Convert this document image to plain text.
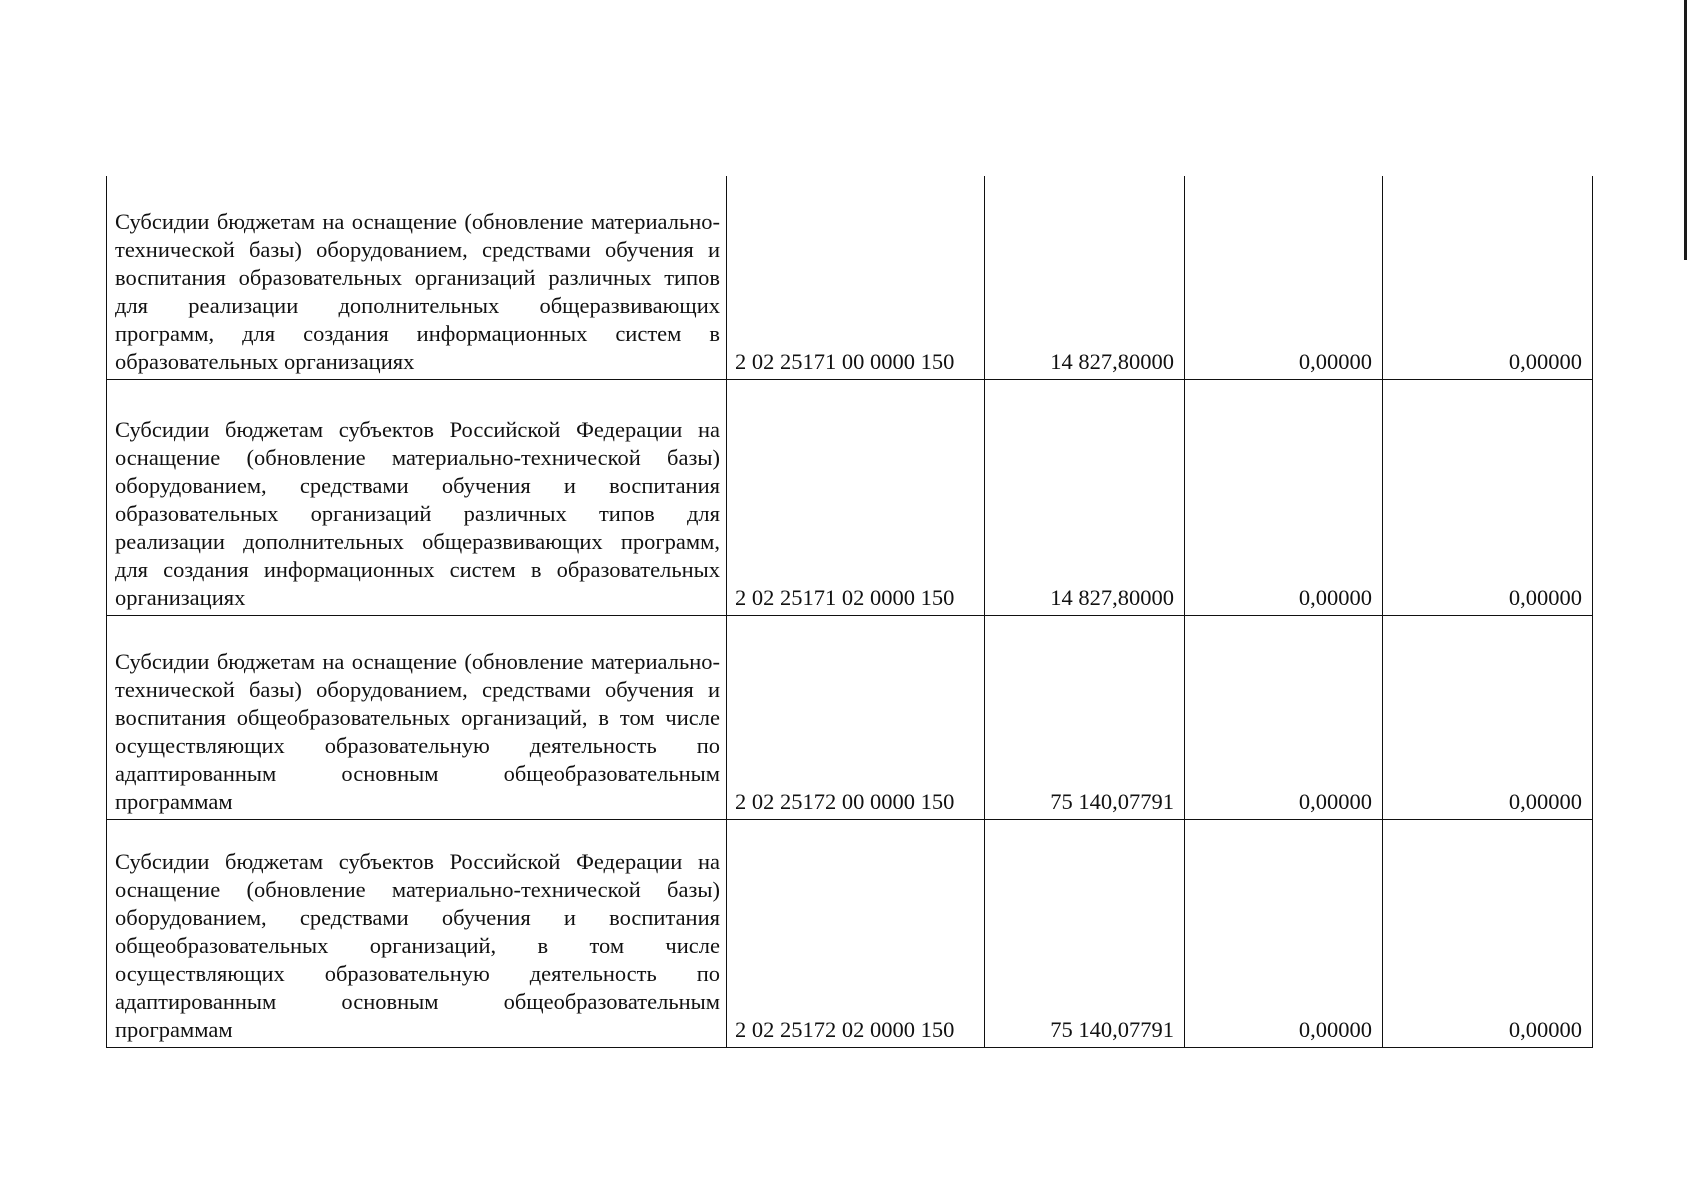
Субсидии бюджетам на оснащение (обновление материально-технической базы) оборудованием, средствами обучения и воспитания образовательных организаций различных типов для реализации дополнительных общеразвивающих программ, для создания информационных систем в образовательных организациях	2 02 25171 00 0000 150	14 827,80000	0,00000	0,00000
Субсидии бюджетам субъектов Российской Федерации на оснащение (обновление материально-технической базы) оборудованием, средствами обучения и воспитания образовательных организаций различных типов для реализации дополнительных общеразвивающих программ, для создания информационных систем в образовательных организациях	2 02 25171 02 0000 150	14 827,80000	0,00000	0,00000
Субсидии бюджетам на оснащение (обновление материально-технической базы) оборудованием, средствами обучения и воспитания общеобразовательных организаций, в том числе осуществляющих образовательную деятельность по адаптированным основным общеобразовательным программам	2 02 25172 00 0000 150	75 140,07791	0,00000	0,00000
Субсидии бюджетам субъектов Российской Федерации на оснащение (обновление материально-технической базы) оборудованием, средствами обучения и воспитания общеобразовательных организаций, в том числе осуществляющих образовательную деятельность по адаптированным основным общеобразовательным программам	2 02 25172 02 0000 150	75 140,07791	0,00000	0,00000
